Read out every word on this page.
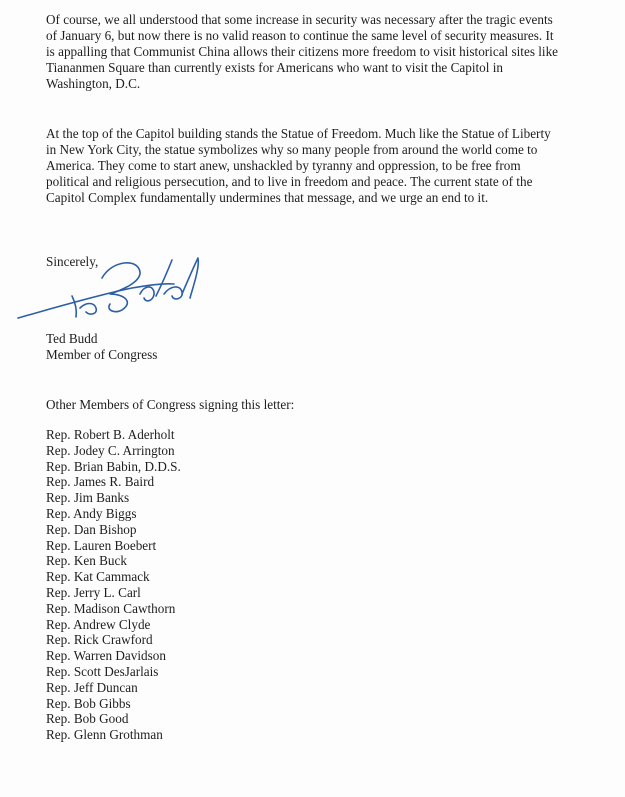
Of course, we all understood that some increase in security was necessary after the tragic events
of January 6, but now there is no valid reason to continue the same level of security measures. It
is appalling that Communist China allows their citizens more freedom to visit historical sites like
Tiananmen Square than currently exists for Americans who want to visit the Capitol in
Washington, D.C.

At the top of the Capitol building stands the Statue of Freedom. Much like the Statue of Liberty
in New York City, the statue symbolizes why so many people from around the world come to
America. They come to start anew, unshackled by tyranny and oppression, to be free from
political and religious persecution, and to live in freedom and peace. The current state of the
Capitol Complex fundamentally undermines that message, and we urge an end to it.

Sincerely,
Ted Budd
Member of Congress
Other Members of Congress signing this letter:
Rep. Robert B. Aderholt
Rep. Jodey C. Arrington
Rep. Brian Babin, D.D.S.
Rep. James R. Baird
Rep. Jim Banks
Rep. Andy Biggs
Rep. Dan Bishop
Rep. Lauren Boebert
Rep. Ken Buck
Rep. Kat Cammack
Rep. Jerry L. Carl
Rep. Madison Cawthorn
Rep. Andrew Clyde
Rep. Rick Crawford
Rep. Warren Davidson
Rep. Scott DesJarlais
Rep. Jeff Duncan
Rep. Bob Gibbs
Rep. Bob Good
Rep. Glenn Grothman
